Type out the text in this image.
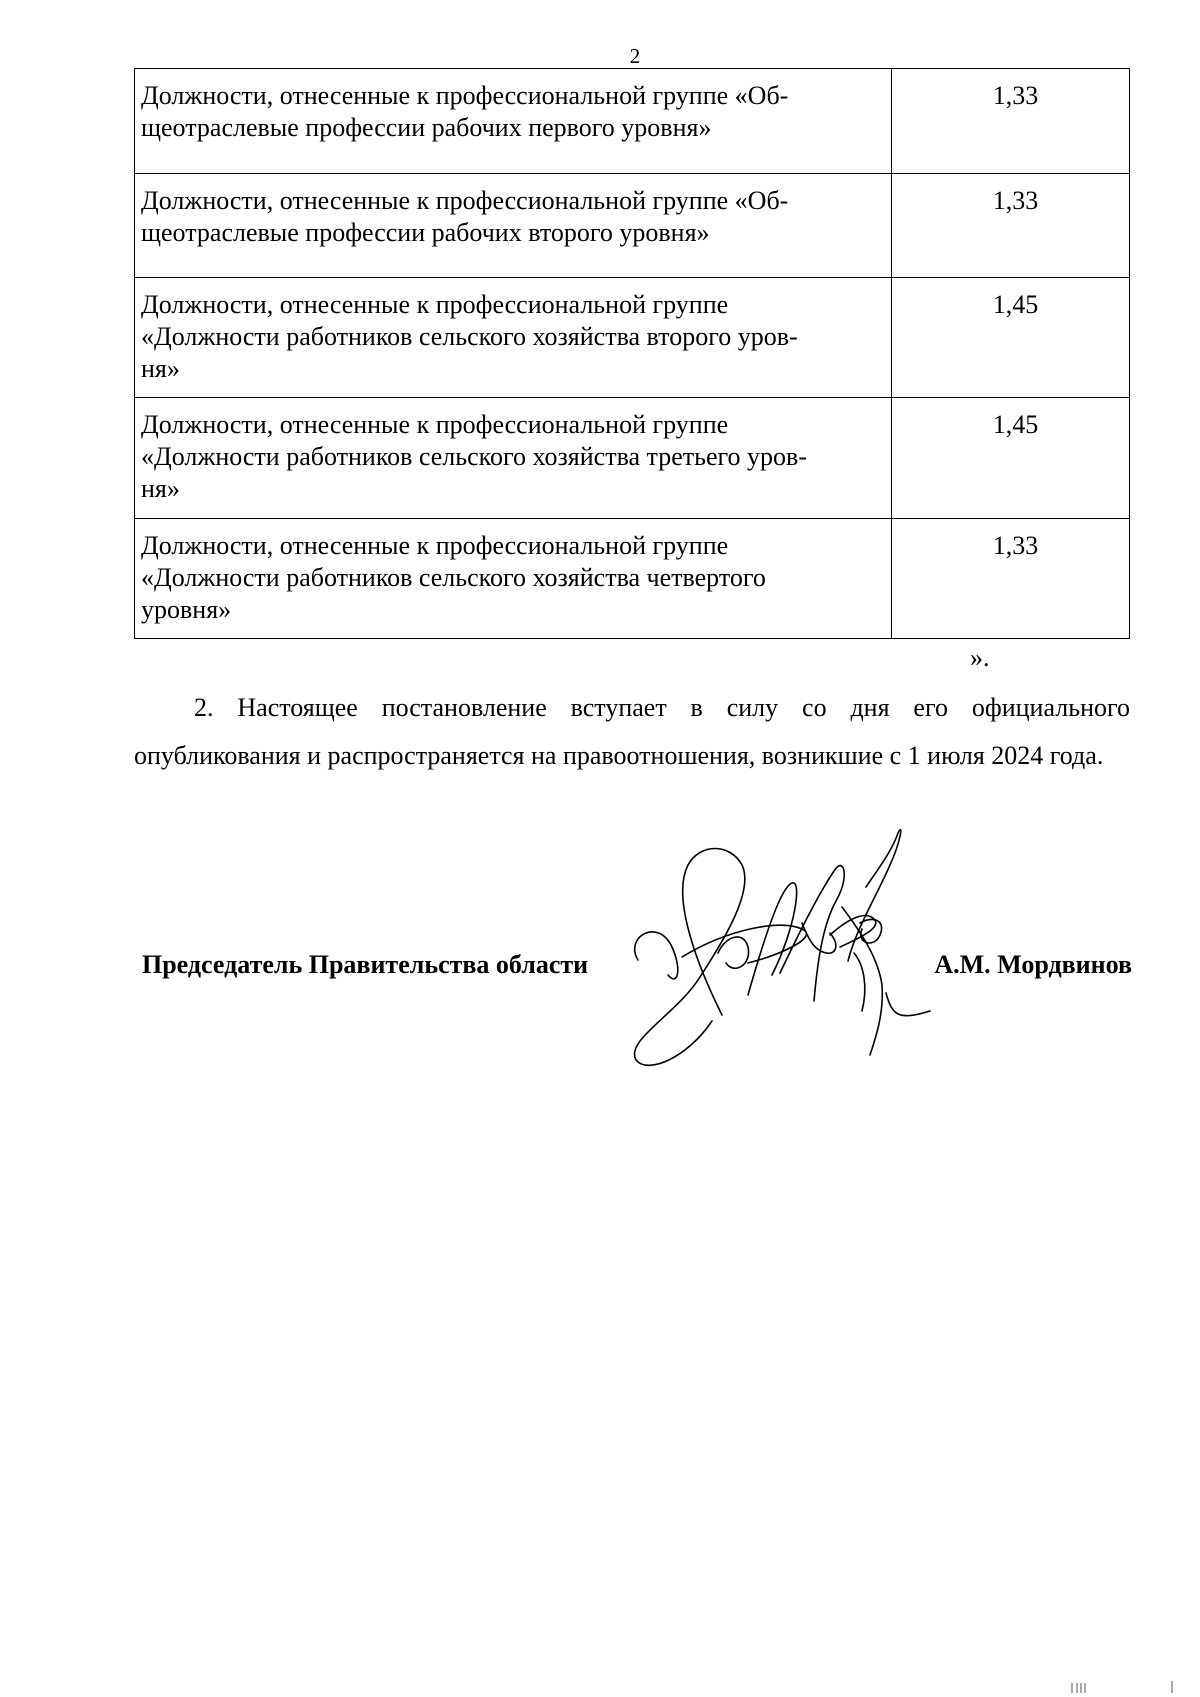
2
Должности, отнесенные к профессиональной группе «Об-
щеотраслевые профессии рабочих первого уровня»	1,33

Должности, отнесенные к профессиональной группе «Об-
щеотраслевые профессии рабочих второго уровня»	1,33

Должности, отнесенные к профессиональной группе
«Должности работников сельского хозяйства второго уров-
ня»	1,45

Должности, отнесенные к профессиональной группе
«Должности работников сельского хозяйства третьего уров-
ня»	1,45

Должности, отнесенные к профессиональной группе
«Должности работников сельского хозяйства четвертого
уровня»	1,33
».
2. Настоящее постановление вступает в силу со дня его официального опубликования и распространяется на правоотношения, возникшие с 1 июля 2024 года.
Председатель Правительства области	А.М. Мордвинов
